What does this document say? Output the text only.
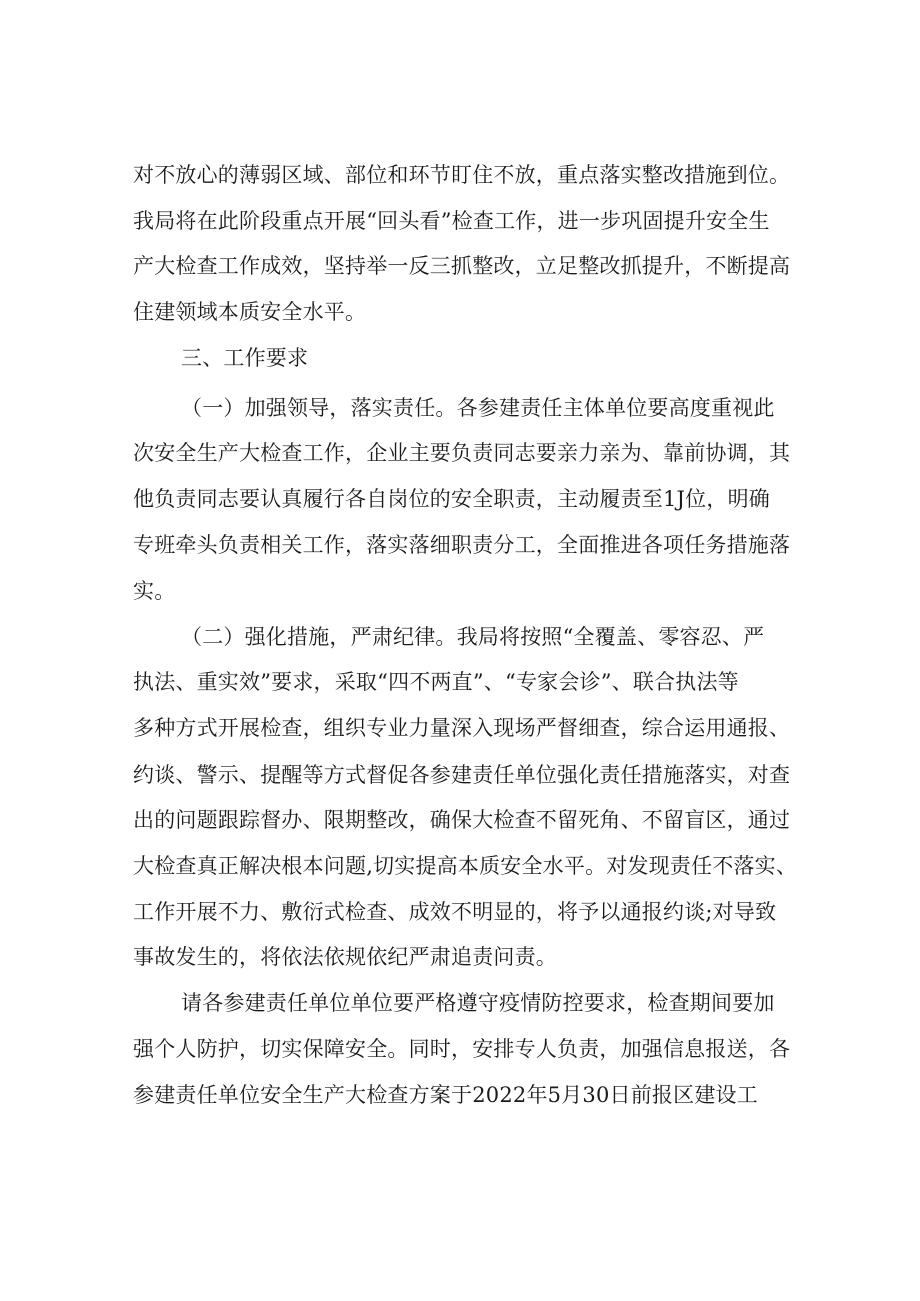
对不放心的薄弱区域、部位和环节盯住不放，重点落实整改措施到位。
我局将在此阶段重点开展“回头看”检查工作，进一步巩固提升安全生
产大检查工作成效，坚持举一反三抓整改，立足整改抓提升，不断提高
住建领域本质安全水平。
三、工作要求
（一）加强领导，落实责任。各参建责任主体单位要高度重视此
次安全生产大检查工作，企业主要负责同志要亲力亲为、靠前协调，其
他负责同志要认真履行各自岗位的安全职责，主动履责至1J位，明确
专班牵头负责相关工作，落实落细职责分工，全面推进各项任务措施落
实。
（二）强化措施，严肃纪律。我局将按照“全覆盖、零容忍、严
执法、重实效”要求，采取“四不两直”、“专家会诊”、联合执法等
多种方式开展检查，组织专业力量深入现场严督细查，综合运用通报、
约谈、警示、提醒等方式督促各参建责任单位强化责任措施落实，对查
出的问题跟踪督办、限期整改，确保大检查不留死角、不留盲区，通过
大检查真正解决根本问题,切实提高本质安全水平。对发现责任不落实、
工作开展不力、敷衍式检查、成效不明显的，将予以通报约谈;对导致
事故发生的，将依法依规依纪严肃追责问责。
请各参建责任单位单位要严格遵守疫情防控要求，检查期间要加
强个人防护，切实保障安全。同时，安排专人负责，加强信息报送，各
参建责任单位安全生产大检查方案于2022年5月30日前报区建设工
